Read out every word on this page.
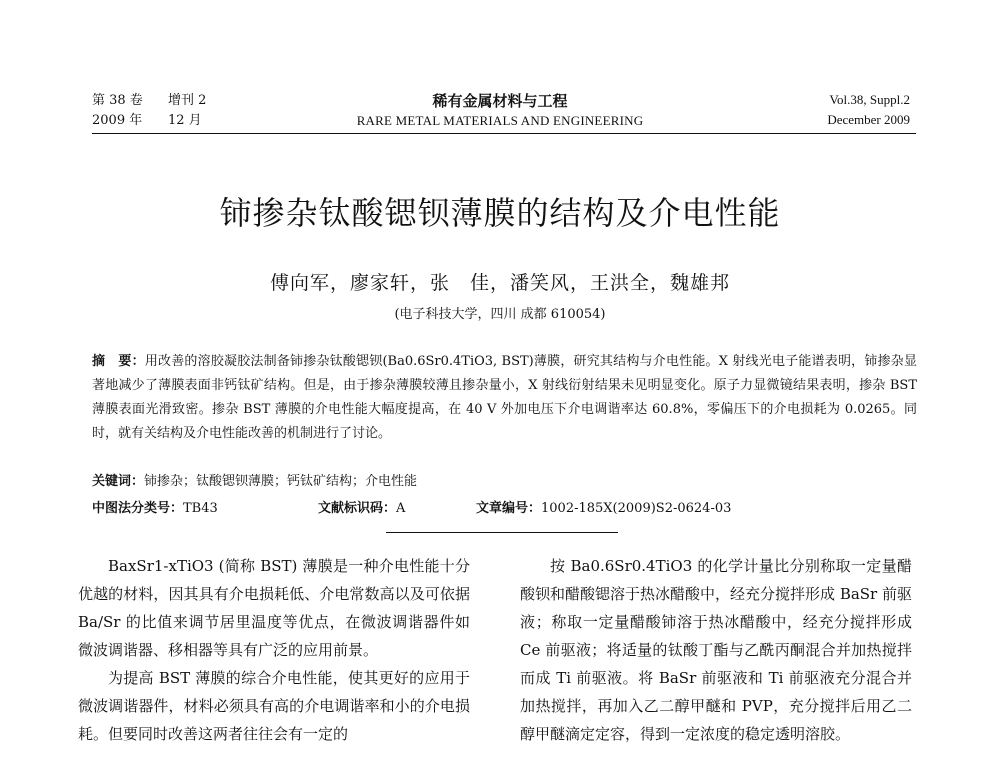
第 38 卷 增刊 2
2009 年 12 月
稀有金属材料与工程
RARE METAL MATERIALS AND ENGINEERING
Vol.38, Suppl.2
December 2009
铈掺杂钛酸锶钡薄膜的结构及介电性能
傅向军，廖家轩，张　佳，潘笑风，王洪全，魏雄邦
(电子科技大学，四川 成都 610054)
摘　要：用改善的溶胶凝胶法制备铈掺杂钛酸锶钡(Ba0.6Sr0.4TiO3, BST)薄膜，研究其结构与介电性能。X 射线光电子能谱表明，铈掺杂显著地减少了薄膜表面非钙钛矿结构。但是，由于掺杂薄膜较薄且掺杂量小，X 射线衍射结果未见明显变化。原子力显微镜结果表明，掺杂 BST 薄膜表面光滑致密。掺杂 BST 薄膜的介电性能大幅度提高，在 40 V 外加电压下介电调谐率达 60.8%，零偏压下的介电损耗为 0.0265。同时，就有关结构及介电性能改善的机制进行了讨论。
关键词：铈掺杂；钛酸锶钡薄膜；钙钛矿结构；介电性能
中图法分类号：TB43	文献标识码：A	文章编号：1002-185X(2009)S2-0624-03

BaxSr1-xTiO3 (简称 BST) 薄膜是一种介电性能十分优越的材料，因其具有介电损耗低、介电常数高以及可依据 Ba/Sr 的比值来调节居里温度等优点，在微波调谐器件如微波调谐器、移相器等具有广泛的应用前景。

为提高 BST 薄膜的综合介电性能，使其更好的应用于微波调谐器件，材料必须具有高的介电调谐率和小的介电损耗。但要同时改善这两者往往会有一定的

按 Ba0.6Sr0.4TiO3 的化学计量比分别称取一定量醋酸钡和醋酸锶溶于热冰醋酸中，经充分搅拌形成 BaSr 前驱液；称取一定量醋酸铈溶于热冰醋酸中，经充分搅拌形成 Ce 前驱液；将适量的钛酸丁酯与乙酰丙酮混合并加热搅拌而成 Ti 前驱液。将 BaSr 前驱液和 Ti 前驱液充分混合并加热搅拌，再加入乙二醇甲醚和 PVP，充分搅拌后用乙二醇甲醚滴定定容，得到一定浓度的稳定透明溶胶。
